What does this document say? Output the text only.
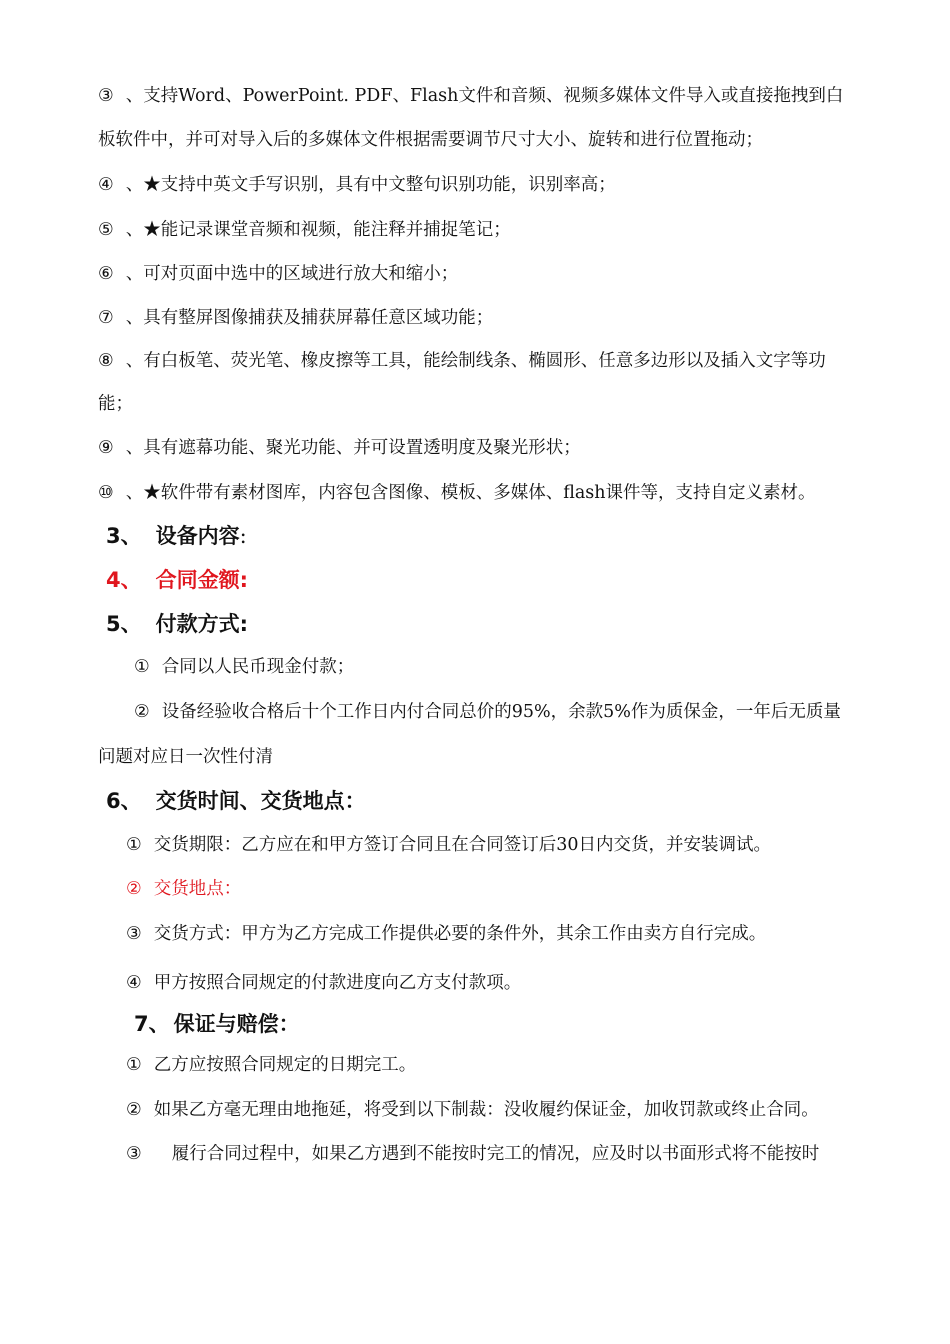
③ 、支持Word、PowerPoint. PDF、Flash文件和音频、视频多媒体文件导入或直接拖拽到白
板软件中，并可对导入后的多媒体文件根据需要调节尺寸大小、旋转和进行位置拖动；
④ 、★支持中英文手写识别，具有中文整句识别功能，识别率高；
⑤ 、★能记录课堂音频和视频，能注释并捕捉笔记；
⑥ 、可对页面中选中的区域进行放大和缩小；
⑦ 、具有整屏图像捕获及捕获屏幕任意区域功能；
⑧ 、有白板笔、荧光笔、橡皮擦等工具，能绘制线条、椭圆形、任意多边形以及插入文字等功
能；
⑨ 、具有遮幕功能、聚光功能、并可设置透明度及聚光形状；
⑩ 、★软件带有素材图库，内容包含图像、模板、多媒体、flash课件等，支持自定义素材。
3、 设备内容:
4、 合同金额:
5、 付款方式:
① 合同以人民币现金付款；
② 设备经验收合格后十个工作日内付合同总价的95%，余款5%作为质保金，一年后无质量
问题对应日一次性付清
6、 交货时间、交货地点：
① 交货期限：乙方应在和甲方签订合同且在合同签订后30日内交货，并安装调试。
② 交货地点：
③ 交货方式：甲方为乙方完成工作提供必要的条件外，其余工作由卖方自行完成。
④ 甲方按照合同规定的付款进度向乙方支付款项。
7、 保证与赔偿：
① 乙方应按照合同规定的日期完工。
② 如果乙方毫无理由地拖延，将受到以下制裁：没收履约保证金，加收罚款或终止合同。
③ 履行合同过程中，如果乙方遇到不能按时完工的情况，应及时以书面形式将不能按时
